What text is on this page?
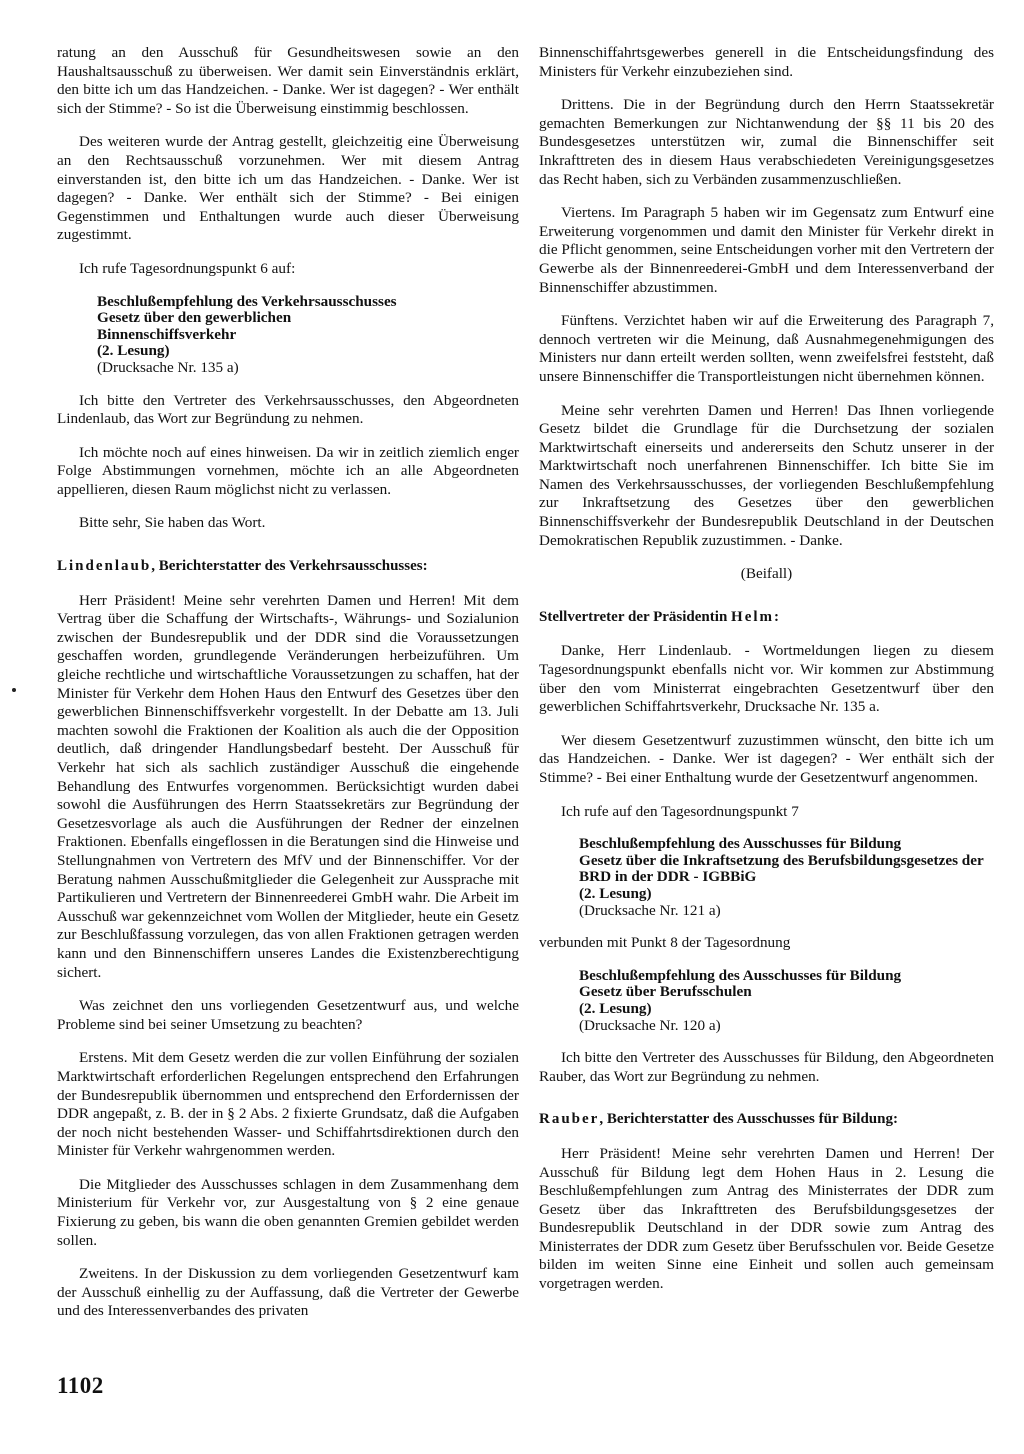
ratung an den Ausschuß für Gesundheitswesen sowie an den Haushaltsausschuß zu überweisen. Wer damit sein Einverständnis erklärt, den bitte ich um das Handzeichen. - Danke. Wer ist dagegen? - Wer enthält sich der Stimme? - So ist die Überweisung einstimmig beschlossen.

Des weiteren wurde der Antrag gestellt, gleichzeitig eine Überweisung an den Rechtsausschuß vorzunehmen. Wer mit diesem Antrag einverstanden ist, den bitte ich um das Handzeichen. - Danke. Wer ist dagegen? - Danke. Wer enthält sich der Stimme? - Bei einigen Gegenstimmen und Enthaltungen wurde auch dieser Überweisung zugestimmt.

Ich rufe Tagesordnungspunkt 6 auf:

Beschlußempfehlung des Verkehrsausschusses
Gesetz über den gewerblichen
Binnenschiffsverkehr
(2. Lesung)
(Drucksache Nr. 135 a)

Ich bitte den Vertreter des Verkehrsausschusses, den Abgeordneten Lindenlaub, das Wort zur Begründung zu nehmen.

Ich möchte noch auf eines hinweisen. Da wir in zeitlich ziemlich enger Folge Abstimmungen vornehmen, möchte ich an alle Abgeordneten appellieren, diesen Raum möglichst nicht zu verlassen.

Bitte sehr, Sie haben das Wort.

Lindenlaub, Berichterstatter des Verkehrsausschusses:

Herr Präsident! Meine sehr verehrten Damen und Herren! Mit dem Vertrag über die Schaffung der Wirtschafts-, Währungs- und Sozialunion zwischen der Bundesrepublik und der DDR sind die Voraussetzungen geschaffen worden, grundlegende Veränderungen herbeizuführen. Um gleiche rechtliche und wirtschaftliche Voraussetzungen zu schaffen, hat der Minister für Verkehr dem Hohen Haus den Entwurf des Gesetzes über den gewerblichen Binnenschiffsverkehr vorgestellt. In der Debatte am 13. Juli machten sowohl die Fraktionen der Koalition als auch die der Opposition deutlich, daß dringender Handlungsbedarf besteht. Der Ausschuß für Verkehr hat sich als sachlich zuständiger Ausschuß die eingehende Behandlung des Entwurfes vorgenommen. Berücksichtigt wurden dabei sowohl die Ausführungen des Herrn Staatssekretärs zur Begründung der Gesetzesvorlage als auch die Ausführungen der Redner der einzelnen Fraktionen. Ebenfalls eingeflossen in die Beratungen sind die Hinweise und Stellungnahmen von Vertretern des MfV und der Binnenschiffer. Vor der Beratung nahmen Ausschußmitglieder die Gelegenheit zur Aussprache mit Partikulieren und Vertretern der Binnenreederei GmbH wahr. Die Arbeit im Ausschuß war gekennzeichnet vom Wollen der Mitglieder, heute ein Gesetz zur Beschlußfassung vorzulegen, das von allen Fraktionen getragen werden kann und den Binnenschiffern unseres Landes die Existenzberechtigung sichert.

Was zeichnet den uns vorliegenden Gesetzentwurf aus, und welche Probleme sind bei seiner Umsetzung zu beachten?

Erstens. Mit dem Gesetz werden die zur vollen Einführung der sozialen Marktwirtschaft erforderlichen Regelungen entsprechend den Erfahrungen der Bundesrepublik übernommen und entsprechend den Erfordernissen der DDR angepaßt, z. B. der in § 2 Abs. 2 fixierte Grundsatz, daß die Aufgaben der noch nicht bestehenden Wasser- und Schiffahrtsdirektionen durch den Minister für Verkehr wahrgenommen werden.

Die Mitglieder des Ausschusses schlagen in dem Zusammenhang dem Ministerium für Verkehr vor, zur Ausgestaltung von § 2 eine genaue Fixierung zu geben, bis wann die oben genannten Gremien gebildet werden sollen.

Zweitens. In der Diskussion zu dem vorliegenden Gesetzentwurf kam der Ausschuß einhellig zu der Auffassung, daß die Vertreter der Gewerbe und des Interessenverbandes des privaten

Binnenschiffahrtsgewerbes generell in die Entscheidungsfindung des Ministers für Verkehr einzubeziehen sind.

Drittens. Die in der Begründung durch den Herrn Staatssekretär gemachten Bemerkungen zur Nichtanwendung der §§ 11 bis 20 des Bundesgesetzes unterstützen wir, zumal die Binnenschiffer seit Inkrafttreten des in diesem Haus verabschiedeten Vereinigungsgesetzes das Recht haben, sich zu Verbänden zusammenzuschließen.

Viertens. Im Paragraph 5 haben wir im Gegensatz zum Entwurf eine Erweiterung vorgenommen und damit den Minister für Verkehr direkt in die Pflicht genommen, seine Entscheidungen vorher mit den Vertretern der Gewerbe als der Binnenreederei-GmbH und dem Interessenverband der Binnenschiffer abzustimmen.

Fünftens. Verzichtet haben wir auf die Erweiterung des Paragraph 7, dennoch vertreten wir die Meinung, daß Ausnahmegenehmigungen des Ministers nur dann erteilt werden sollten, wenn zweifelsfrei feststeht, daß unsere Binnenschiffer die Transportleistungen nicht übernehmen können.

Meine sehr verehrten Damen und Herren! Das Ihnen vorliegende Gesetz bildet die Grundlage für die Durchsetzung der sozialen Marktwirtschaft einerseits und andererseits den Schutz unserer in der Marktwirtschaft noch unerfahrenen Binnenschiffer. Ich bitte Sie im Namen des Verkehrsausschusses, der vorliegenden Beschlußempfehlung zur Inkraftsetzung des Gesetzes über den gewerblichen Binnenschiffsverkehr der Bundesrepublik Deutschland in der Deutschen Demokratischen Republik zuzustimmen. - Danke.

(Beifall)

Stellvertreter der Präsidentin Helm:

Danke, Herr Lindenlaub. - Wortmeldungen liegen zu diesem Tagesordnungspunkt ebenfalls nicht vor. Wir kommen zur Abstimmung über den vom Ministerrat eingebrachten Gesetzentwurf über den gewerblichen Schiffahrtsverkehr, Drucksache Nr. 135 a.

Wer diesem Gesetzentwurf zuzustimmen wünscht, den bitte ich um das Handzeichen. - Danke. Wer ist dagegen? - Wer enthält sich der Stimme? - Bei einer Enthaltung wurde der Gesetzentwurf angenommen.

Ich rufe auf den Tagesordnungspunkt 7

Beschlußempfehlung des Ausschusses für Bildung
Gesetz über die Inkraftsetzung des Berufsbildungsgesetzes der BRD in der DDR - IGBBiG
(2. Lesung)
(Drucksache Nr. 121 a)

verbunden mit Punkt 8 der Tagesordnung

Beschlußempfehlung des Ausschusses für Bildung
Gesetz über Berufsschulen
(2. Lesung)
(Drucksache Nr. 120 a)

Ich bitte den Vertreter des Ausschusses für Bildung, den Abgeordneten Rauber, das Wort zur Begründung zu nehmen.

Rauber, Berichterstatter des Ausschusses für Bildung:

Herr Präsident! Meine sehr verehrten Damen und Herren! Der Ausschuß für Bildung legt dem Hohen Haus in 2. Lesung die Beschlußempfehlungen zum Antrag des Ministerrates der DDR zum Gesetz über das Inkrafttreten des Berufsbildungsgesetzes der Bundesrepublik Deutschland in der DDR sowie zum Antrag des Ministerrates der DDR zum Gesetz über Berufsschulen vor. Beide Gesetze bilden im weiten Sinne eine Einheit und sollen auch gemeinsam vorgetragen werden.

1102
